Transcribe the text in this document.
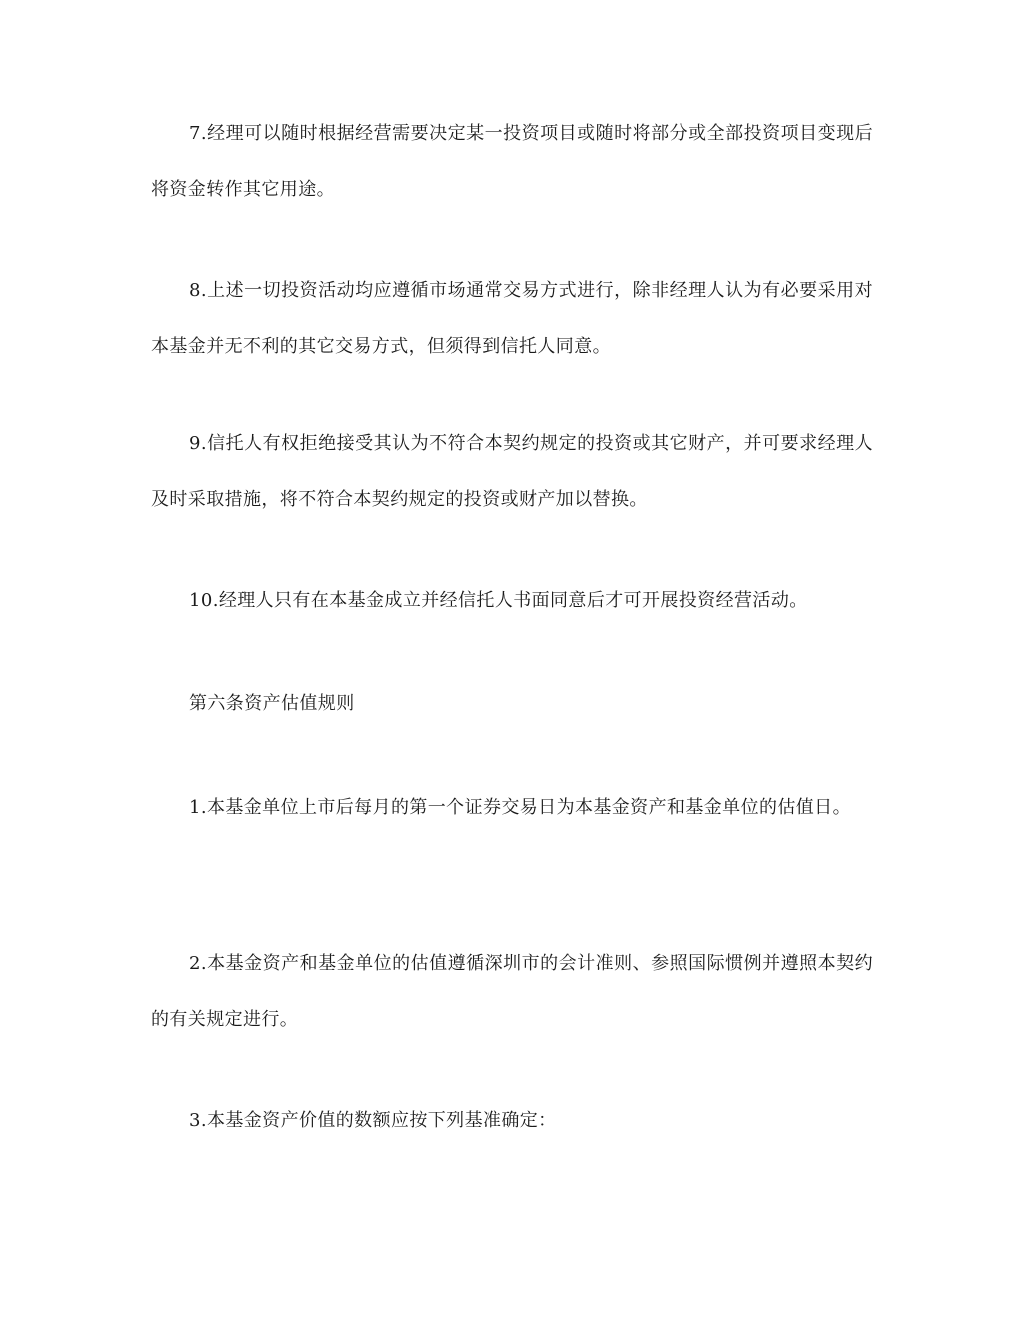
7.经理可以随时根据经营需要决定某一投资项目或随时将部分或全部投资项目变现后将资金转作其它用途。

8.上述一切投资活动均应遵循市场通常交易方式进行，除非经理人认为有必要采用对本基金并无不利的其它交易方式，但须得到信托人同意。

9.信托人有权拒绝接受其认为不符合本契约规定的投资或其它财产，并可要求经理人及时采取措施，将不符合本契约规定的投资或财产加以替换。

10.经理人只有在本基金成立并经信托人书面同意后才可开展投资经营活动。

第六条资产估值规则

1.本基金单位上市后每月的第一个证券交易日为本基金资产和基金单位的估值日。

2.本基金资产和基金单位的估值遵循深圳市的会计准则、参照国际惯例并遵照本契约的有关规定进行。

3.本基金资产价值的数额应按下列基准确定：
